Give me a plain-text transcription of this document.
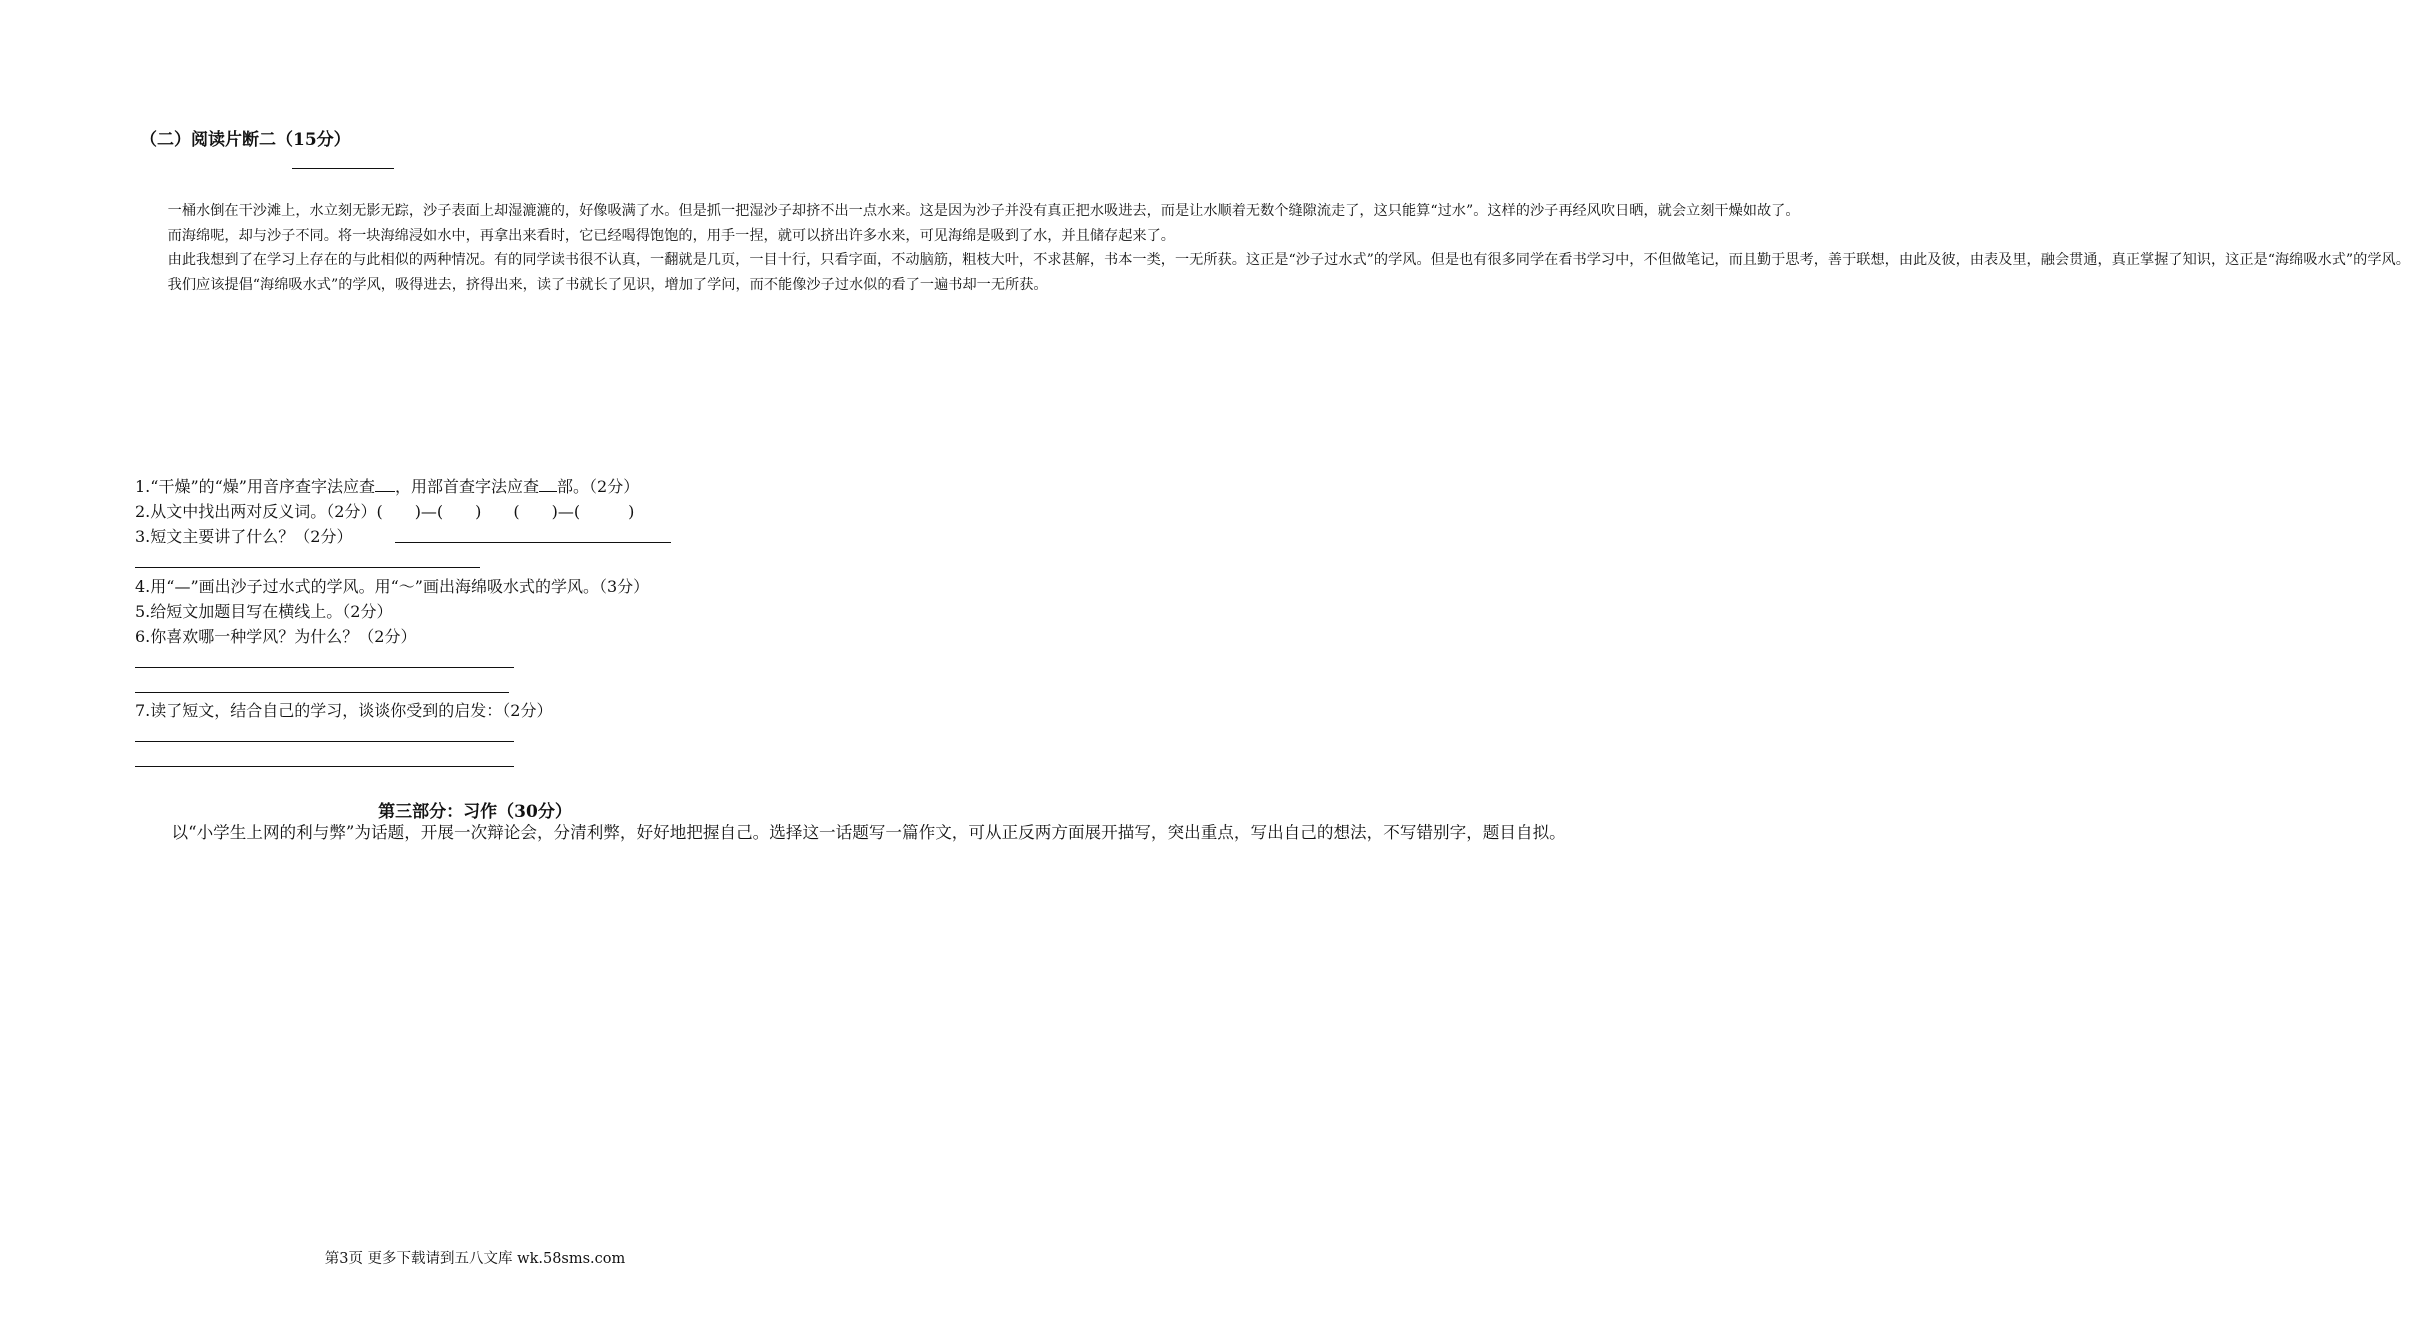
（二）阅读片断二（15分）

一桶水倒在干沙滩上，水立刻无影无踪，沙子表面上却湿漉漉的，好像吸满了水。但是抓一把湿沙子却挤不出一点水来。这是因为沙子并没有真正把水吸进去，而是让水顺着无数个缝隙流走了，这只能算“过水”。这样的沙子再经风吹日晒，就会立刻干燥如故了。

而海绵呢，却与沙子不同。将一块海绵浸如水中，再拿出来看时，它已经喝得饱饱的，用手一捏，就可以挤出许多水来，可见海绵是吸到了水，并且储存起来了。

由此我想到了在学习上存在的与此相似的两种情况。有的同学读书很不认真，一翻就是几页，一目十行，只看字面，不动脑筋，粗枝大叶，不求甚解，书本一类，一无所获。这正是“沙子过水式”的学风。但是也有很多同学在看书学习中，不但做笔记，而且勤于思考，善于联想，由此及彼，由表及里，融会贯通，真正掌握了知识，这正是“海绵吸水式”的学风。

我们应该提倡“海绵吸水式”的学风，吸得进去，挤得出来，读了书就长了见识，增加了学问，而不能像沙子过水似的看了一遍书却一无所获。

1.“干燥”的“燥”用音序查字法应查 ，用部首查字法应查 部。（2分）
2.从文中找出两对反义词。（2分）(　　)—(　　)　　(　　)—(　　　)
3.短文主要讲了什么？（2分）
4.用“—”画出沙子过水式的学风。用“～”画出海绵吸水式的学风。（3分）
5.给短文加题目写在横线上。（2分）
6.你喜欢哪一种学风？为什么？（2分）
7.读了短文，结合自己的学习，谈谈你受到的启发：（2分）
第三部分：习作（30分）

以“小学生上网的利与弊”为话题，开展一次辩论会，分清利弊，好好地把握自己。选择这一话题写一篇作文，可从正反两方面展开描写，突出重点，写出自己的想法，不写错别字，题目自拟。

第3页 更多下载请到五八文库 wk.58sms.com
